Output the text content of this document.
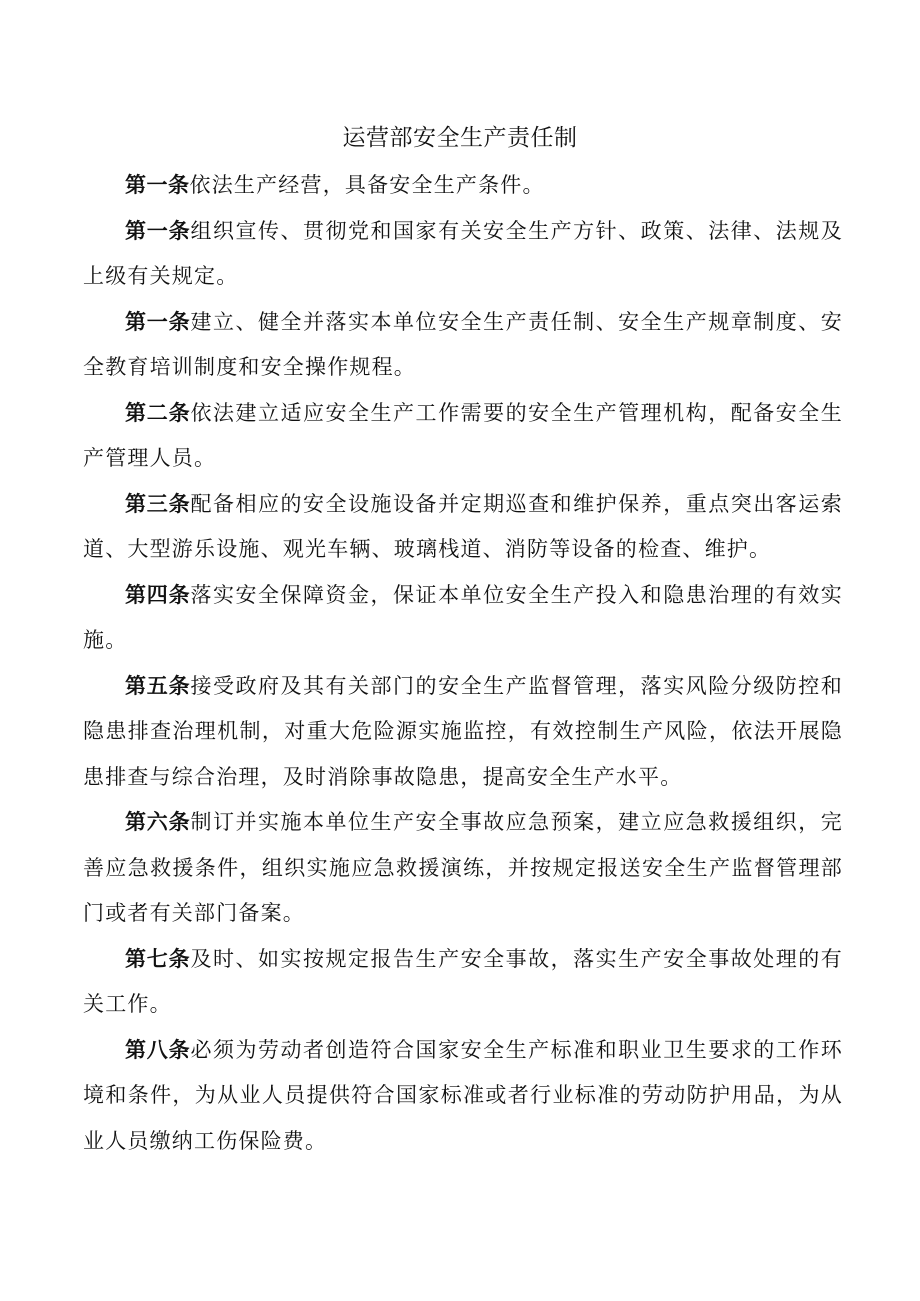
运营部安全生产责任制

第一条依法生产经营，具备安全生产条件。

第一条组织宣传、贯彻党和国家有关安全生产方针、政策、法律、法规及上级有关规定。

第一条建立、健全并落实本单位安全生产责任制、安全生产规章制度、安全教育培训制度和安全操作规程。

第二条依法建立适应安全生产工作需要的安全生产管理机构，配备安全生产管理人员。

第三条配备相应的安全设施设备并定期巡查和维护保养，重点突出客运索道、大型游乐设施、观光车辆、玻璃栈道、消防等设备的检查、维护。

第四条落实安全保障资金，保证本单位安全生产投入和隐患治理的有效实施。

第五条接受政府及其有关部门的安全生产监督管理，落实风险分级防控和隐患排查治理机制，对重大危险源实施监控，有效控制生产风险，依法开展隐患排查与综合治理，及时消除事故隐患，提高安全生产水平。

第六条制订并实施本单位生产安全事故应急预案，建立应急救援组织，完善应急救援条件，组织实施应急救援演练，并按规定报送安全生产监督管理部门或者有关部门备案。

第七条及时、如实按规定报告生产安全事故，落实生产安全事故处理的有关工作。

第八条必须为劳动者创造符合国家安全生产标准和职业卫生要求的工作环境和条件，为从业人员提供符合国家标准或者行业标准的劳动防护用品，为从业人员缴纳工伤保险费。
